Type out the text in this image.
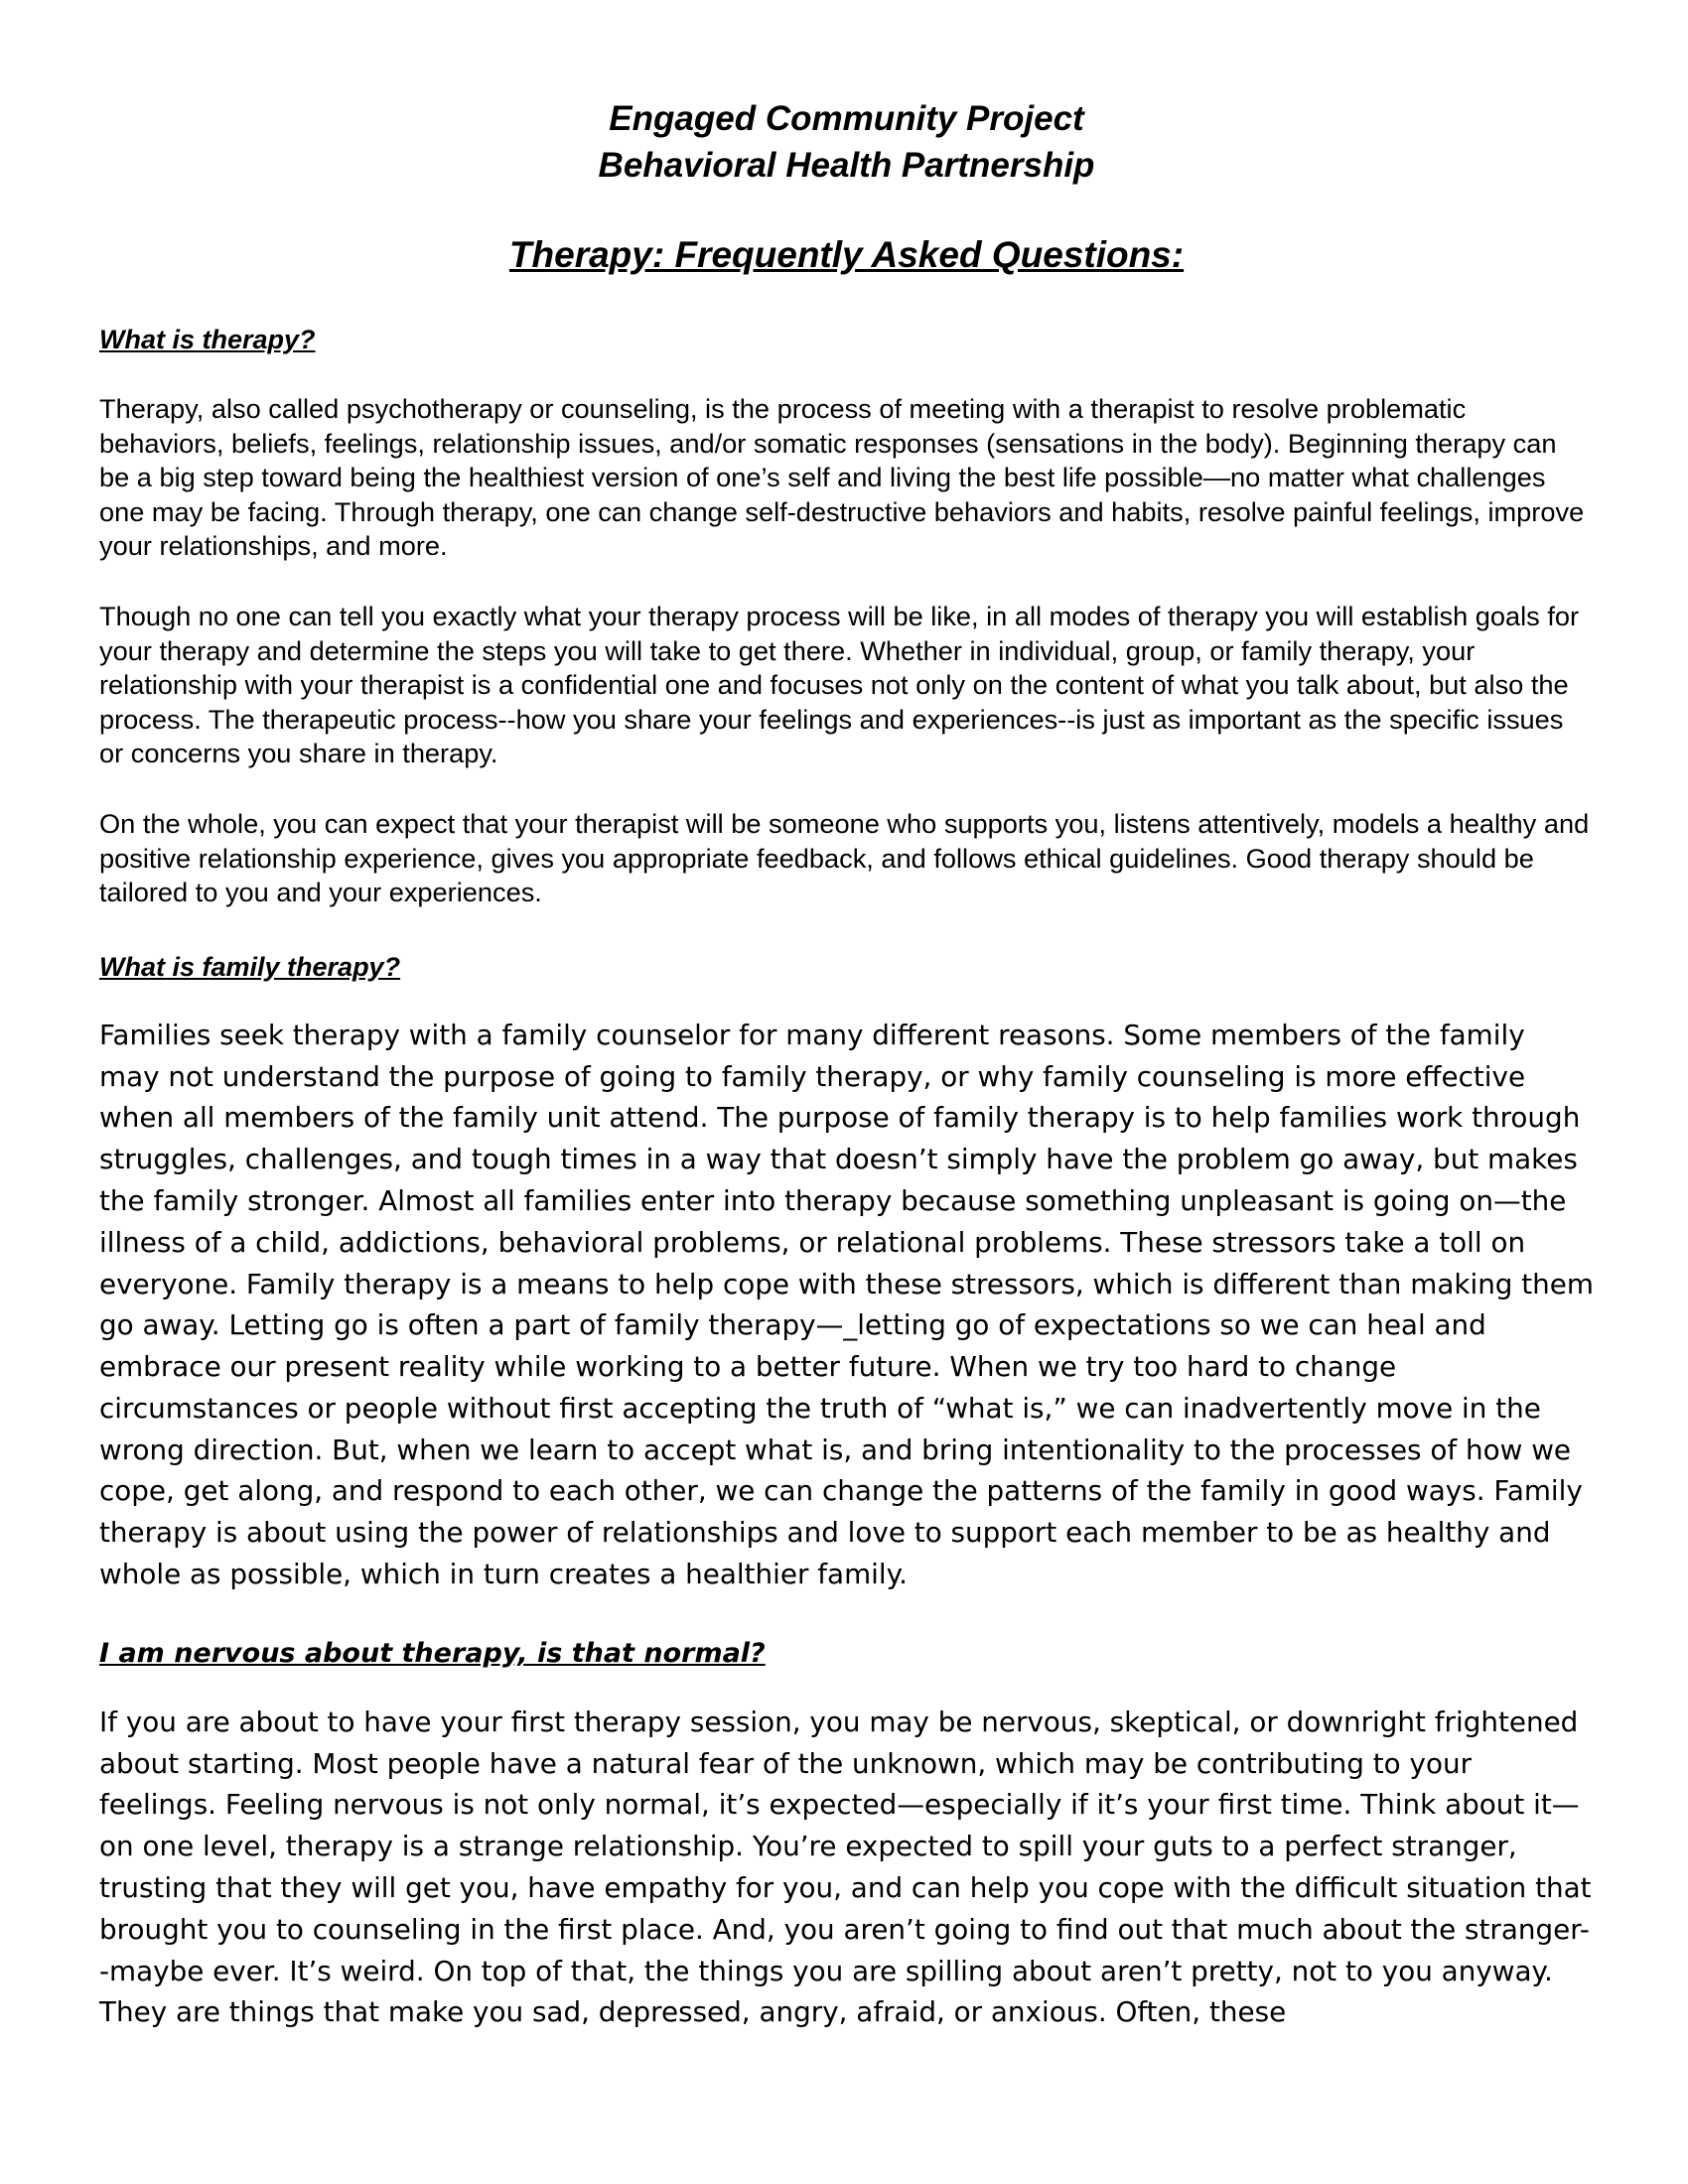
Engaged Community Project
Behavioral Health Partnership
Therapy: Frequently Asked Questions:
What is therapy?

Therapy, also called psychotherapy or counseling, is the process of meeting with a therapist to resolve problematic behaviors, beliefs, feelings, relationship issues, and/or somatic responses (sensations in the body). Beginning therapy can be a big step toward being the healthiest version of one’s self and living the best life possible—no matter what challenges one may be facing. Through therapy, one can change self-destructive behaviors and habits, resolve painful feelings, improve your relationships, and more.

Though no one can tell you exactly what your therapy process will be like, in all modes of therapy you will establish goals for your therapy and determine the steps you will take to get there. Whether in individual, group, or family therapy, your relationship with your therapist is a confidential one and focuses not only on the content of what you talk about, but also the process. The therapeutic process--how you share your feelings and experiences--is just as important as the specific issues or concerns you share in therapy.

On the whole, you can expect that your therapist will be someone who supports you, listens attentively, models a healthy and positive relationship experience, gives you appropriate feedback, and follows ethical guidelines. Good therapy should be tailored to you and your experiences.

What is family therapy?

Families seek therapy with a family counselor for many different reasons. Some members of the family may not understand the purpose of going to family therapy, or why family counseling is more effective when all members of the family unit attend. The purpose of family therapy is to help families work through struggles, challenges, and tough times in a way that doesn’t simply have the problem go away, but makes the family stronger. Almost all families enter into therapy because something unpleasant is going on—the illness of a child, addictions, behavioral problems, or relational problems. These stressors take a toll on everyone. Family therapy is a means to help cope with these stressors, which is different than making them go away. Letting go is often a part of family therapy—_letting go of expectations so we can heal and embrace our present reality while working to a better future. When we try too hard to change circumstances or people without first accepting the truth of “what is,” we can inadvertently move in the wrong direction. But, when we learn to accept what is, and bring intentionality to the processes of how we cope, get along, and respond to each other, we can change the patterns of the family in good ways. Family therapy is about using the power of relationships and love to support each member to be as healthy and whole as possible, which in turn creates a healthier family.

I am nervous about therapy, is that normal?

If you are about to have your first therapy session, you may be nervous, skeptical, or downright frightened about starting. Most people have a natural fear of the unknown, which may be contributing to your feelings. Feeling nervous is not only normal, it’s expected—especially if it’s your first time. Think about it—on one level, therapy is a strange relationship. You’re expected to spill your guts to a perfect stranger, trusting that they will get you, have empathy for you, and can help you cope with the difficult situation that brought you to counseling in the first place. And, you aren’t going to find out that much about the stranger--maybe ever. It’s weird. On top of that, the things you are spilling about aren’t pretty, not to you anyway. They are things that make you sad, depressed, angry, afraid, or anxious. Often, these
